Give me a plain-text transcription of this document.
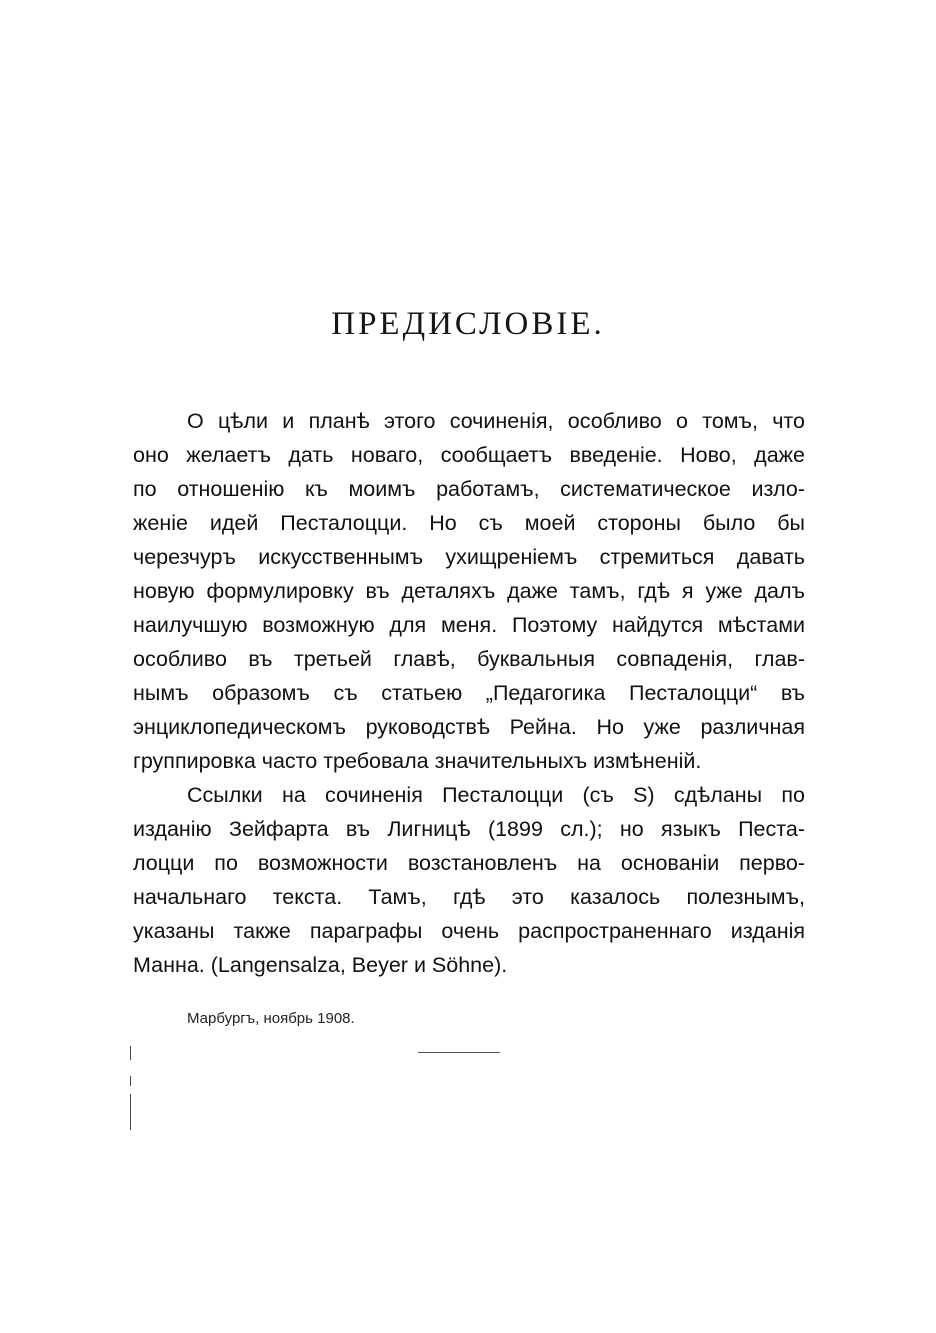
ПРЕДИСЛОВІЕ.
О цѣли и планѣ этого сочиненія, особливо о томъ, что
оно желаетъ дать новаго, сообщаетъ введеніе. Ново, даже
по отношенію къ моимъ работамъ, систематическое изло-
женіе идей Песталоцци. Но съ моей стороны было бы
черезчуръ искусственнымъ ухищреніемъ стремиться давать
новую формулировку въ деталяхъ даже тамъ, гдѣ я уже далъ
наилучшую возможную для меня. Поэтому найдутся мѣстами
особливо въ третьей главѣ, буквальныя совпаденія, глав-
нымъ образомъ съ статьею „Педагогика Песталоцци“ въ
энциклопедическомъ руководствѣ Рейна. Но уже различная
группировка часто требовала значительныхъ измѣненій.
Ссылки на сочиненія Песталоцци (съ S) сдѣланы по
изданію Зейфарта въ Лигницѣ (1899 сл.); но языкъ Песта-
лоцци по возможности возстановленъ на основаніи перво-
начальнаго текста. Тамъ, гдѣ это казалось полезнымъ,
указаны также параграфы очень распространеннаго изданія
Манна. (Langensalza, Beyer и Söhne).
Марбургъ, ноябрь 1908.
